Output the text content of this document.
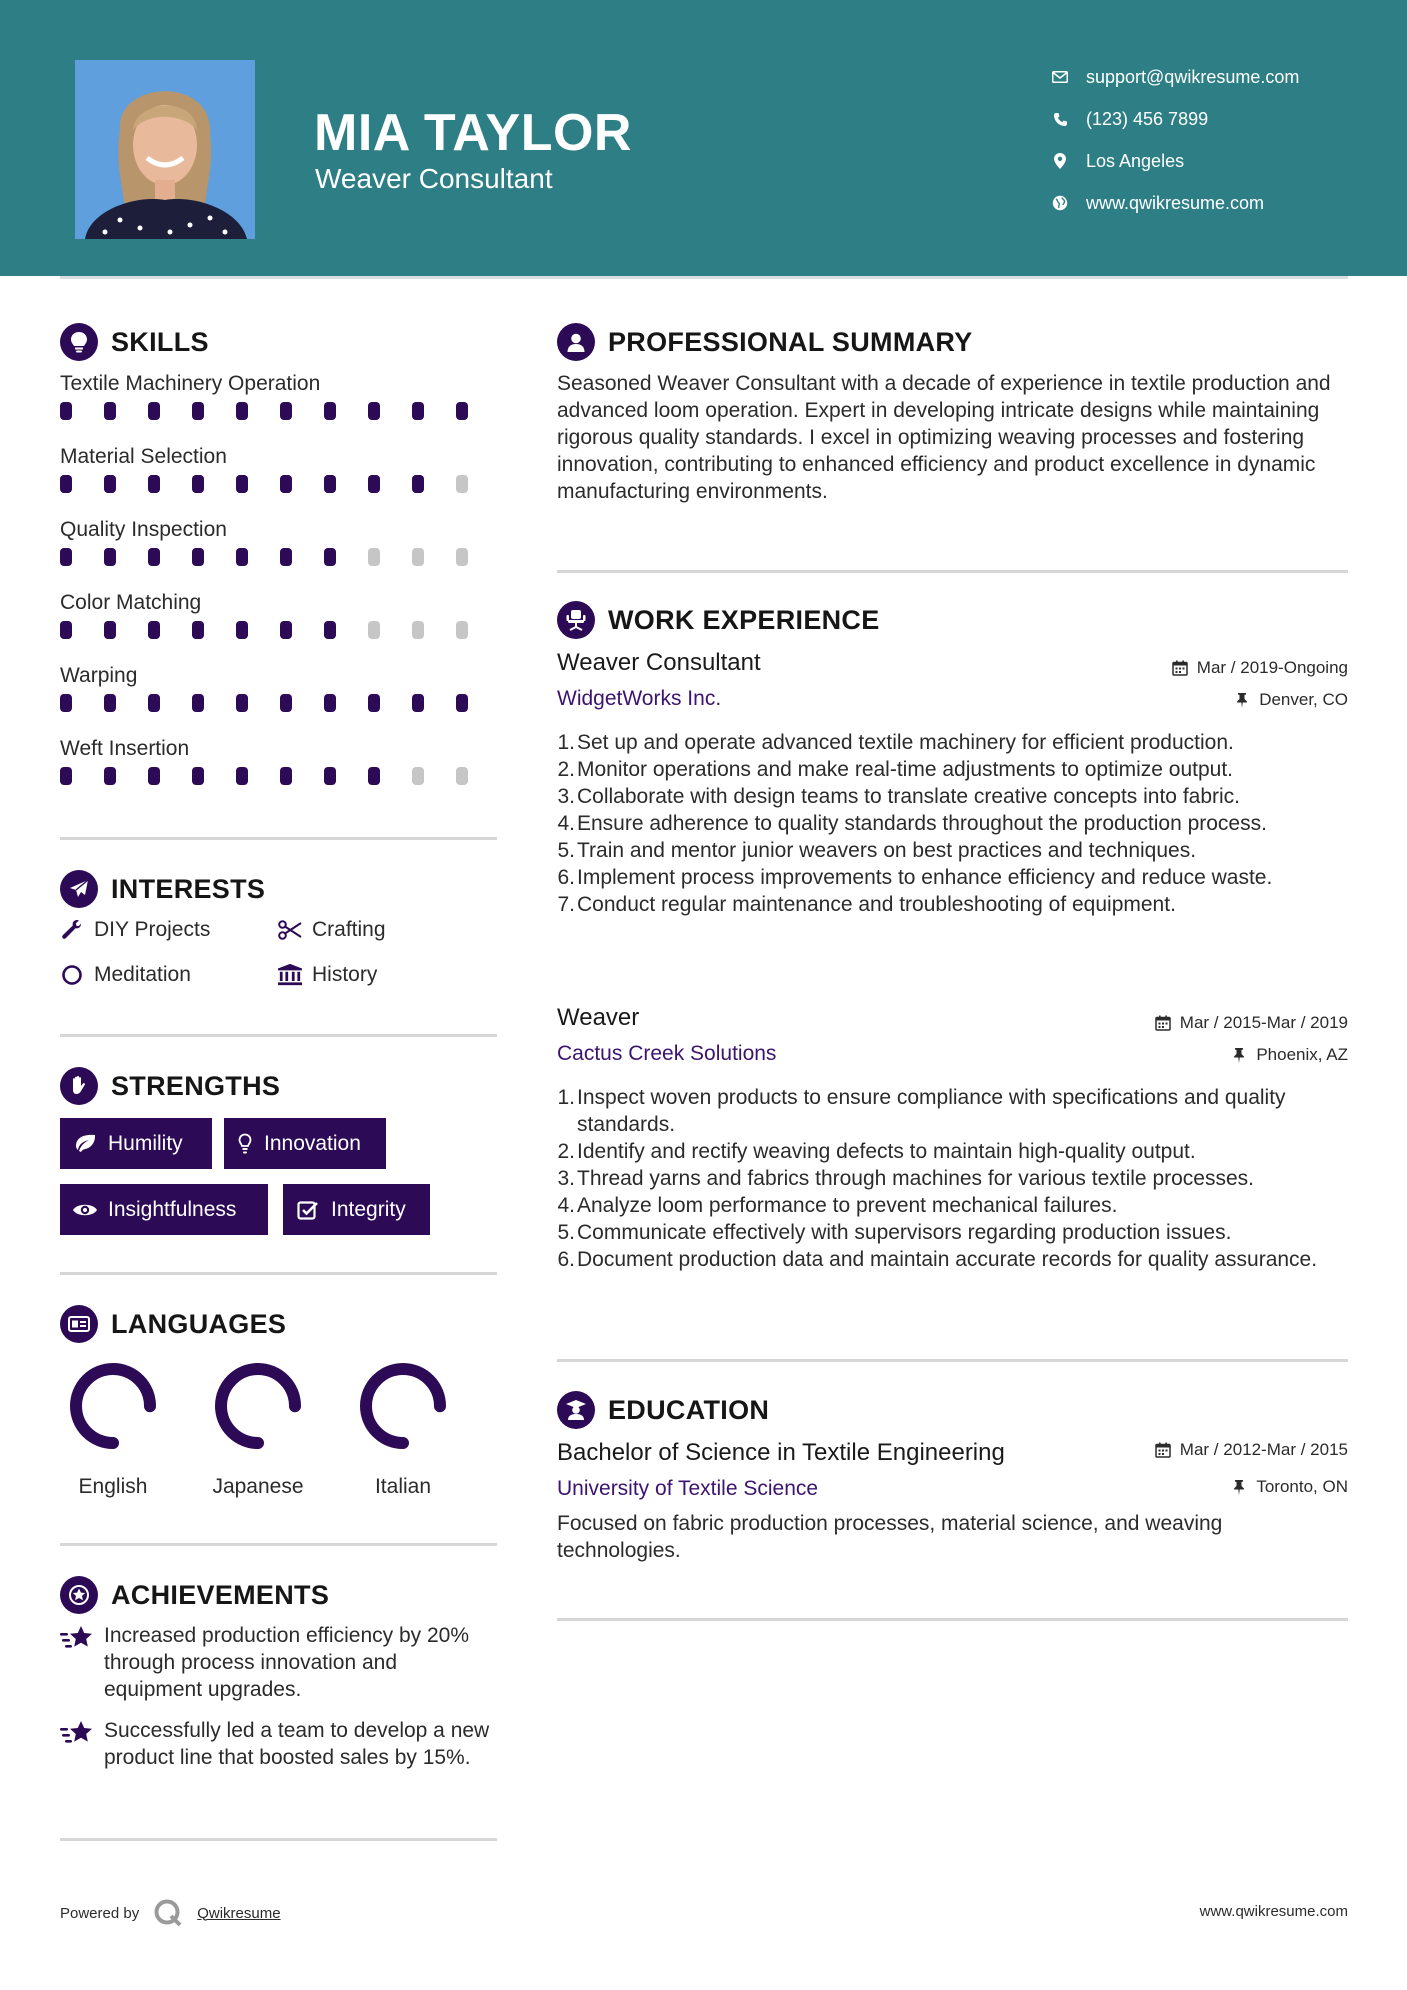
MIA TAYLOR
Weaver Consultant
support@qwikresume.com
(123) 456 7899
Los Angeles
www.qwikresume.com
SKILLS
Textile Machinery Operation
Material Selection
Quality Inspection
Color Matching
Warping
Weft Insertion
INTERESTS
DIY Projects	Crafting
Meditation	History
STRENGTHS
Humility	Innovation
Insightfulness	Integrity
LANGUAGES
English	Japanese	Italian
ACHIEVEMENTS
Increased production efficiency by 20% through process innovation and equipment upgrades.
Successfully led a team to develop a new product line that boosted sales by 15%.
PROFESSIONAL SUMMARY
Seasoned Weaver Consultant with a decade of experience in textile production and advanced loom operation. Expert in developing intricate designs while maintaining rigorous quality standards. I excel in optimizing weaving processes and fostering innovation, contributing to enhanced efficiency and product excellence in dynamic manufacturing environments.
WORK EXPERIENCE
Weaver Consultant	Mar / 2019-Ongoing
WidgetWorks Inc.	Denver, CO
1. Set up and operate advanced textile machinery for efficient production.
2. Monitor operations and make real-time adjustments to optimize output.
3. Collaborate with design teams to translate creative concepts into fabric.
4. Ensure adherence to quality standards throughout the production process.
5. Train and mentor junior weavers on best practices and techniques.
6. Implement process improvements to enhance efficiency and reduce waste.
7. Conduct regular maintenance and troubleshooting of equipment.
Weaver	Mar / 2015-Mar / 2019
Cactus Creek Solutions	Phoenix, AZ
1. Inspect woven products to ensure compliance with specifications and quality standards.
2. Identify and rectify weaving defects to maintain high-quality output.
3. Thread yarns and fabrics through machines for various textile processes.
4. Analyze loom performance to prevent mechanical failures.
5. Communicate effectively with supervisors regarding production issues.
6. Document production data and maintain accurate records for quality assurance.
EDUCATION
Bachelor of Science in Textile Engineering	Mar / 2012-Mar / 2015
University of Textile Science	Toronto, ON
Focused on fabric production processes, material science, and weaving technologies.
Powered by	Qwikresume	www.qwikresume.com
